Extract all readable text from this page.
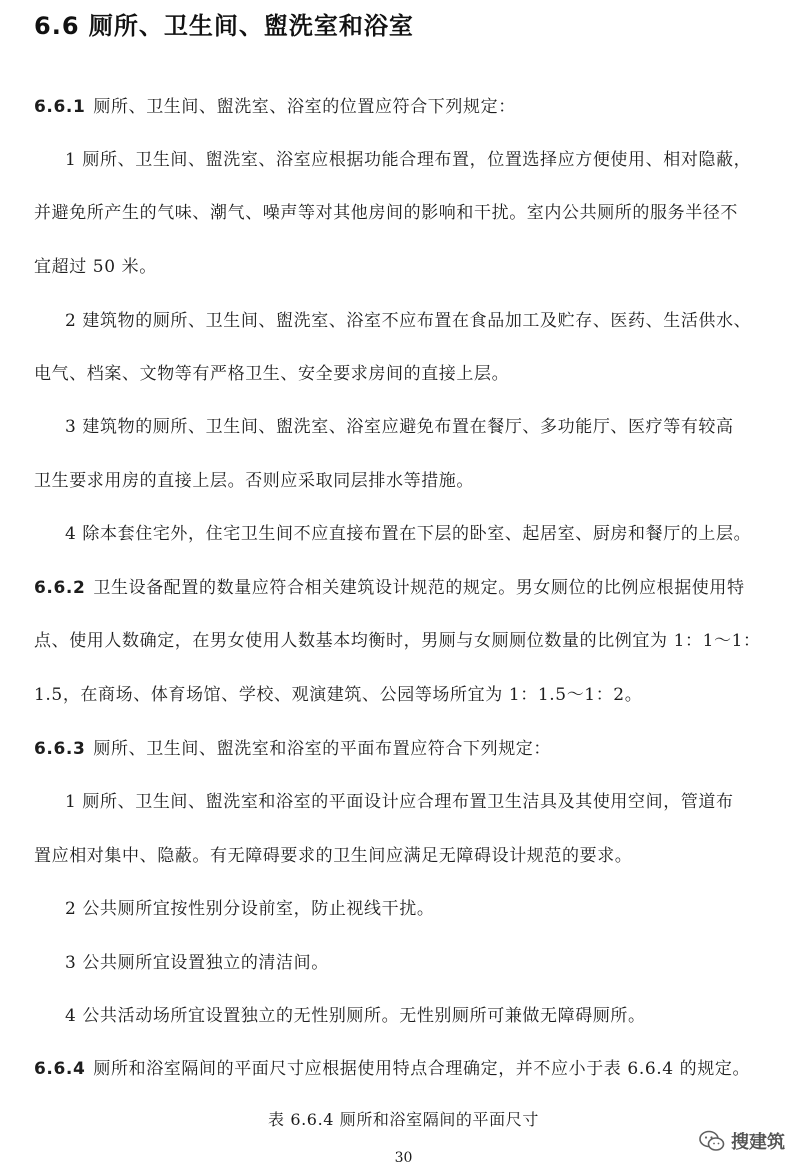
6.6 厕所、卫生间、盥洗室和浴室
6.6.1 厕所、卫生间、盥洗室、浴室的位置应符合下列规定：
1 厕所、卫生间、盥洗室、浴室应根据功能合理布置，位置选择应方便使用、相对隐蔽，
并避免所产生的气味、潮气、噪声等对其他房间的影响和干扰。室内公共厕所的服务半径不
宜超过 50 米。
2 建筑物的厕所、卫生间、盥洗室、浴室不应布置在食品加工及贮存、医药、生活供水、
电气、档案、文物等有严格卫生、安全要求房间的直接上层。
3 建筑物的厕所、卫生间、盥洗室、浴室应避免布置在餐厅、多功能厅、医疗等有较高
卫生要求用房的直接上层。否则应采取同层排水等措施。
4 除本套住宅外，住宅卫生间不应直接布置在下层的卧室、起居室、厨房和餐厅的上层。
6.6.2 卫生设备配置的数量应符合相关建筑设计规范的规定。男女厕位的比例应根据使用特
点、使用人数确定，在男女使用人数基本均衡时，男厕与女厕厕位数量的比例宜为 1：1～1：
1.5，在商场、体育场馆、学校、观演建筑、公园等场所宜为 1：1.5～1：2。
6.6.3 厕所、卫生间、盥洗室和浴室的平面布置应符合下列规定：
1 厕所、卫生间、盥洗室和浴室的平面设计应合理布置卫生洁具及其使用空间，管道布
置应相对集中、隐蔽。有无障碍要求的卫生间应满足无障碍设计规范的要求。
2 公共厕所宜按性别分设前室，防止视线干扰。
3 公共厕所宜设置独立的清洁间。
4 公共活动场所宜设置独立的无性别厕所。无性别厕所可兼做无障碍厕所。
6.6.4 厕所和浴室隔间的平面尺寸应根据使用特点合理确定，并不应小于表 6.6.4 的规定。
表 6.6.4 厕所和浴室隔间的平面尺寸
搜建筑
30
